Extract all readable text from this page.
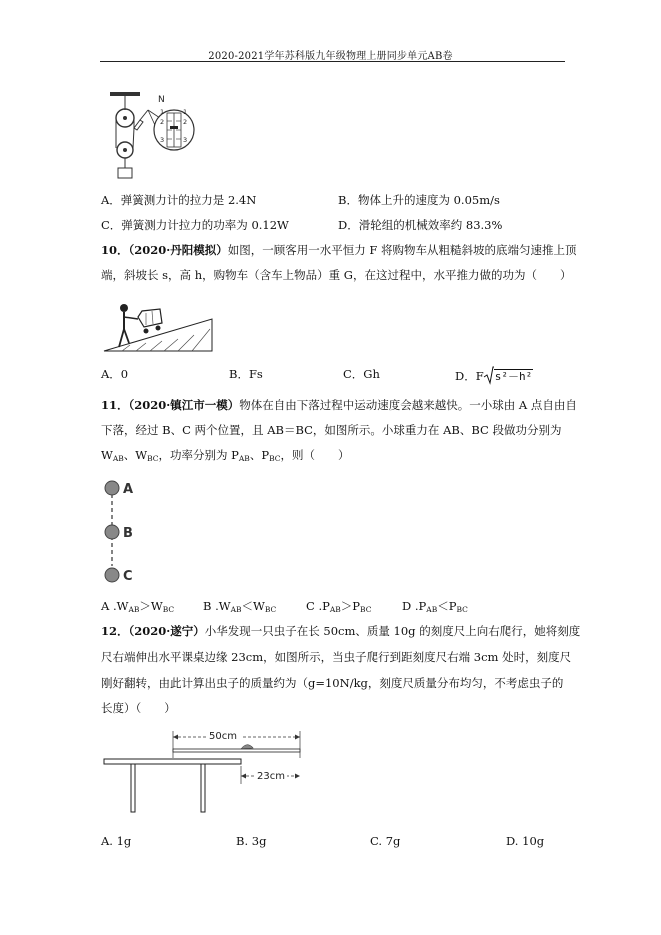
2020-2021学年苏科版九年级物理上册同步单元AB卷
N
1
2
3
1
2
3
A．弹簧测力计的拉力是 2.4N	B．物体上升的速度为 0.05m/s
C．弹簧测力计拉力的功率为 0.12W	D．滑轮组的机械效率约 83.3%
10．（2020·丹阳模拟）如图，一顾客用一水平恒力 F 将购物车从粗糙斜坡的底端匀速推上顶
端，斜坡长 s，高 h，购物车（含车上物品）重 G，在这过程中，水平推力做的功为（　　）
A．0	B．Fs	C．Gh	D．F s²－h²
11．（2020·镇江市一模）物体在自由下落过程中运动速度会越来越快。一小球由 A 点自由自
下落，经过 B、C 两个位置，且 AB＝BC，如图所示。小球重力在 AB、BC 段做功分别为
$W_{AB}$、$W_{BC}$，功率分别为 $P_{AB}$、$P_{BC}$，则（　　）
A
B
C
A $.W_{AB}>W_{BC}$	B $.W_{AB}<W_{BC}$	C $.P_{AB}>P_{BC}$	D $.P_{AB}<P_{BC}$
12．（2020·遂宁）小华发现一只虫子在长 50cm、质量 10g 的刻度尺上向右爬行，她将刻度
尺右端伸出水平课桌边缘 23cm，如图所示，当虫子爬行到距刻度尺右端 3cm 处时，刻度尺
刚好翻转，由此计算出虫子的质量约为（g=10N/kg，刻度尺质量分布均匀，不考虑虫子的
长度）（　　）
50cm
23cm
A. 1g	B. 3g	C. 7g	D. 10g
